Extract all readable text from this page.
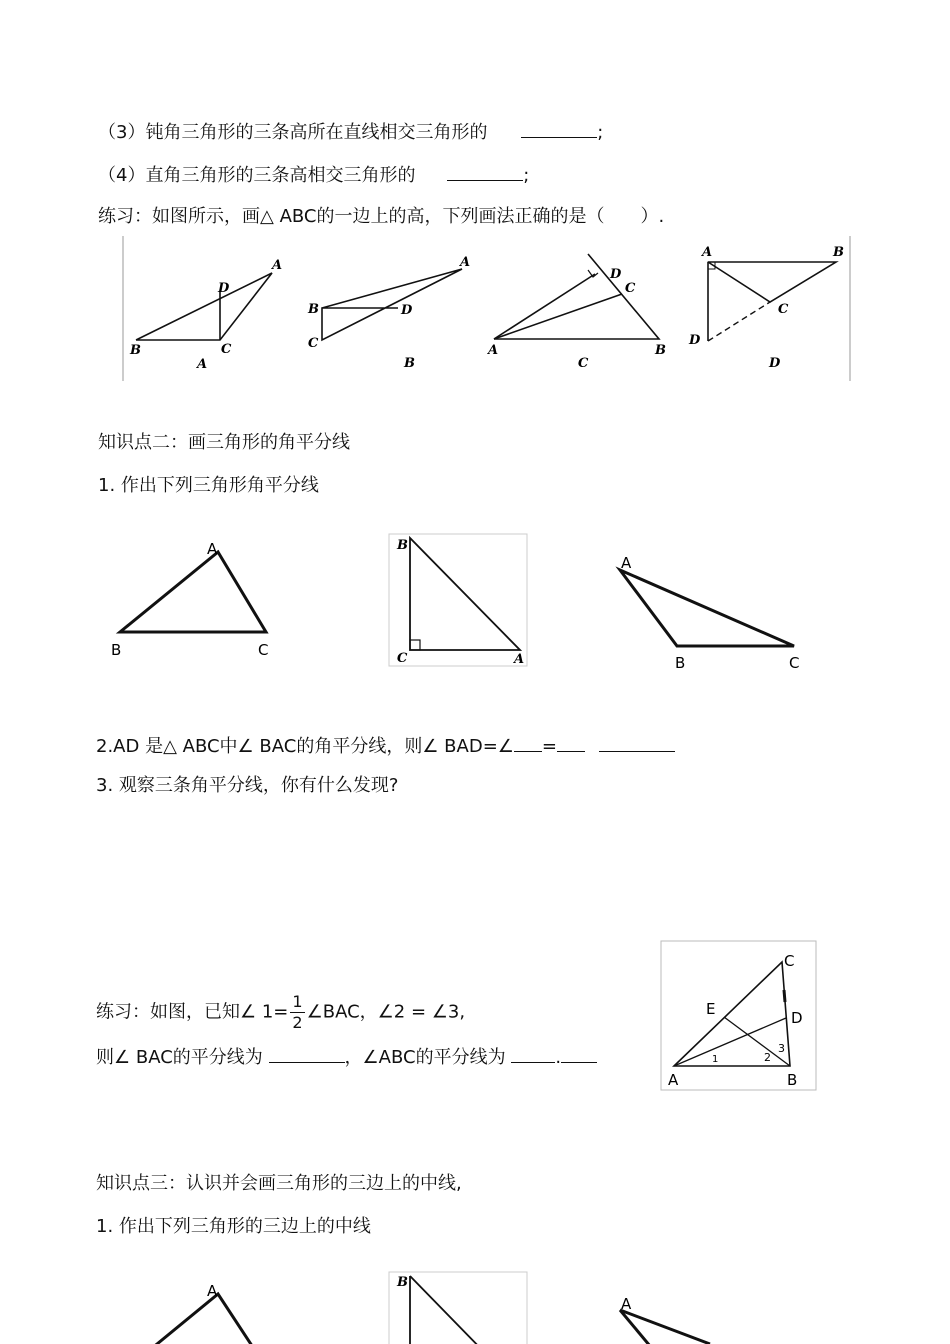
（3）钝角三角形的三条高所在直线相交三角形的	;
（4）直角三角形的三条高相交三角形的	;
练习：如图所示，画△ ABC的一边上的高，下列画法正确的是（　　）.
A
B	C
D
A
A
B
C
D
B
A	B
C
D
C
A	B
C
D
D
知识点二：画三角形的角平分线
1. 作出下列三角形角平分线
A
B	C
B
C	A
A
B	C
2.AD 是△ ABC中∠ BAC的角平分线，则∠ BAD=∠ =
3. 观察三条角平分线，你有什么发现?
练习：如图，已知∠ $1= \frac{1}{2}$ ∠BAC，∠2 = ∠3,
则∠ BAC的平分线为	，∠ABC的平分线为	.
C
E	D
A	B
1	2
3
知识点三：认识并会画三角形的三边上的中线,
1. 作出下列三角形的三边上的中线
A	B
A
